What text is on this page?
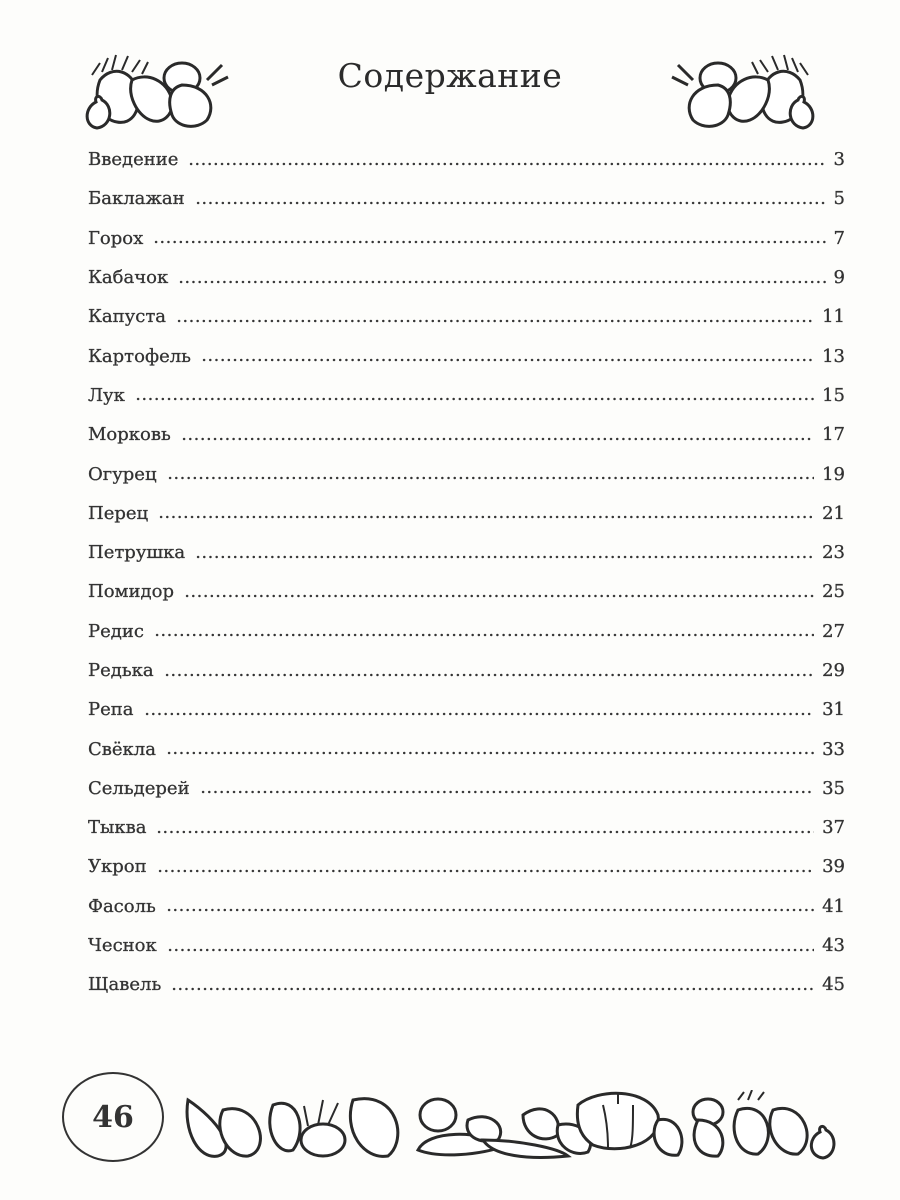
Содержание
Введение	3
Баклажан	5
Горох	7
Кабачок	9
Капуста	11
Картофель	13
Лук	15
Морковь	17
Огурец	19
Перец	21
Петрушка	23
Помидор	25
Редис	27
Редька	29
Репа	31
Свёкла	33
Сельдерей	35
Тыква	37
Укроп	39
Фасоль	41
Чеснок	43
Щавель	45
46
